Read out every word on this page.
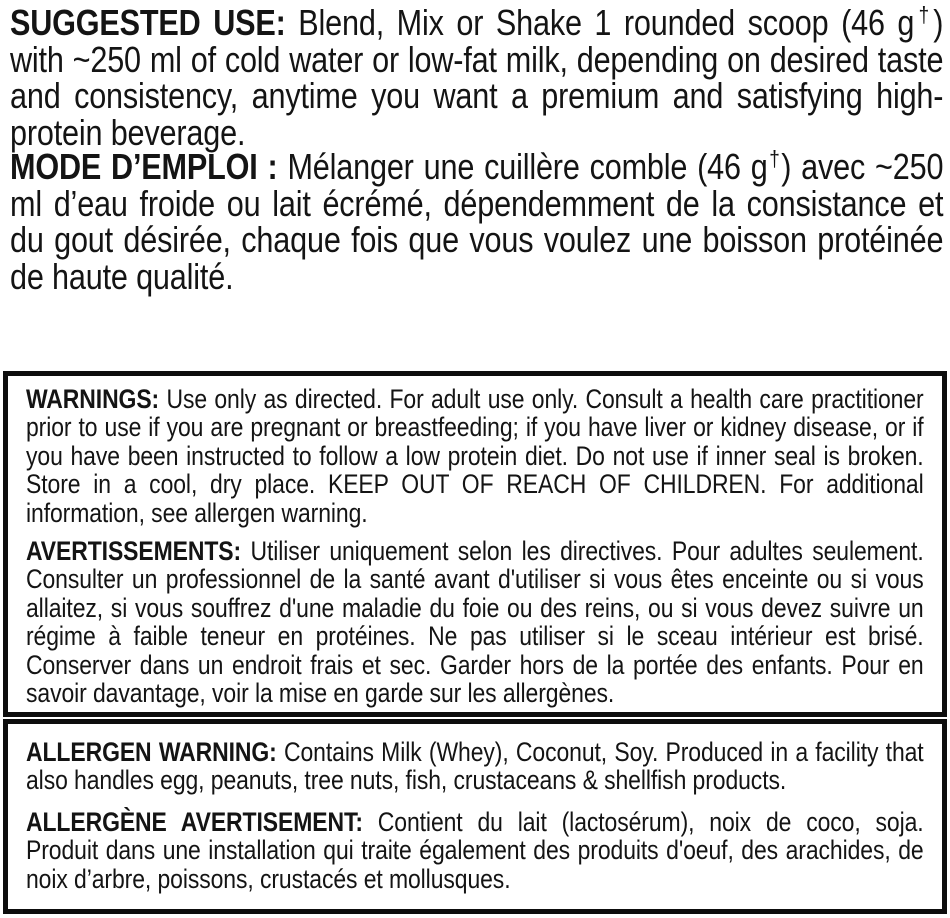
SUGGESTED USE: Blend, Mix or Shake 1 rounded scoop (46 g†) with ~250 ml of cold water or low-fat milk, depending on desired taste and consistency, anytime you want a premium and satisfying high-protein beverage.

MODE D’EMPLOI : Mélanger une cuillère comble (46 g†) avec ~250 ml d’eau froide ou lait écrémé, dépendemment de la consistance et du gout désirée, chaque fois que vous voulez une boisson protéinée de haute qualité.

WARNINGS: Use only as directed. For adult use only. Consult a health care practitioner prior to use if you are pregnant or breastfeeding; if you have liver or kidney disease, or if you have been instructed to follow a low protein diet. Do not use if inner seal is broken. Store in a cool, dry place. KEEP OUT OF REACH OF CHILDREN. For additional information, see allergen warning.

AVERTISSEMENTS: Utiliser uniquement selon les directives. Pour adultes seulement. Consulter un professionnel de la santé avant d'utiliser si vous êtes enceinte ou si vous allaitez, si vous souffrez d'une maladie du foie ou des reins, ou si vous devez suivre un régime à faible teneur en protéines. Ne pas utiliser si le sceau intérieur est brisé. Conserver dans un endroit frais et sec. Garder hors de la portée des enfants. Pour en savoir davantage, voir la mise en garde sur les allergènes.

ALLERGEN WARNING: Contains Milk (Whey), Coconut, Soy. Produced in a facility that also handles egg, peanuts, tree nuts, fish, crustaceans & shellfish products.

ALLERGÈNE AVERTISEMENT: Contient du lait (lactosérum), noix de coco, soja. Produit dans une installation qui traite également des produits d'oeuf, des arachides, de noix d’arbre, poissons, crustacés et mollusques.
